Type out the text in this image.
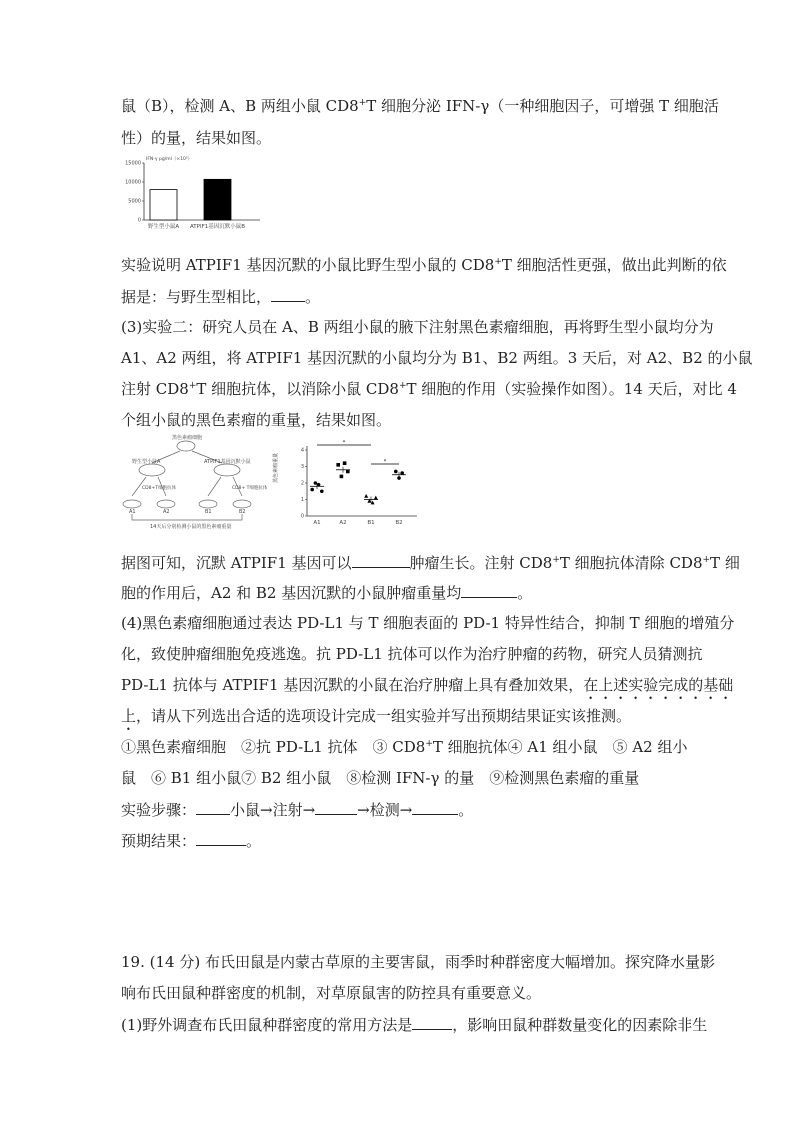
鼠（B），检测 A、B 两组小鼠 CD8+T 细胞分泌 IFN-γ（一种细胞因子，可增强 T 细胞活
性）的量，结果如图。
IFN-γ pg/ml（×10²）
15000
10000
5000
0
野生型小鼠A ATPIF1基因沉默小鼠B
实验说明 ATPIF1 基因沉默的小鼠比野生型小鼠的 CD8+T 细胞活性更强，做出此判断的依
据是：与野生型相比， 。
(3)实验二：研究人员在 A、B 两组小鼠的腋下注射黑色素瘤细胞，再将野生型小鼠均分为
A1、A2 两组，将 ATPIF1 基因沉默的小鼠均分为 B1、B2 两组。3 天后，对 A2、B2 的小鼠
注射 CD8+T 细胞抗体，以消除小鼠 CD8+T 细胞的作用（实验操作如图）。14 天后，对比 4
个组小鼠的黑色素瘤的重量，结果如图。
黑色素瘤细胞
野生型小鼠A	ATPIF1基因沉默小鼠
CD8+T细胞抗体	CD8+ T细胞抗体
A1	A2	B1	B2
14天后分别检测小鼠的黑色素瘤重量
4
3
2
1
0
黑色素瘤重量
A1	A2	B1	B2
*
*
据图可知，沉默 ATPIF1 基因可以	肿瘤生长。注射 CD8+T 细胞抗体清除 CD8+T 细
胞的作用后，A2 和 B2 基因沉默的小鼠肿瘤重量均	。
(4)黑色素瘤细胞通过表达 PD-L1 与 T 细胞表面的 PD-1 特异性结合，抑制 T 细胞的增殖分
化，致使肿瘤细胞免疫逃逸。抗 PD-L1 抗体可以作为治疗肿瘤的药物，研究人员猜测抗
PD-L1 抗体与 ATPIF1 基因沉默的小鼠在治疗肿瘤上具有叠加效果，在上述实验完成的基础
上，请从下列选出合适的选项设计完成一组实验并写出预期结果证实该推测。
①黑色素瘤细胞　②抗 PD-L1 抗体　③ CD8+T 细胞抗体④ A1 组小鼠　⑤ A2 组小
鼠　⑥ B1 组小鼠⑦ B2 组小鼠　⑧检测 IFN-γ 的量　⑨检测黑色素瘤的重量
实验步骤： 小鼠→注射→	→检测→	。
预期结果：	。
19. (14 分) 布氏田鼠是内蒙古草原的主要害鼠，雨季时种群密度大幅增加。探究降水量影
响布氏田鼠种群密度的机制，对草原鼠害的防控具有重要意义。
(1)野外调查布氏田鼠种群密度的常用方法是	，影响田鼠种群数量变化的因素除非生
